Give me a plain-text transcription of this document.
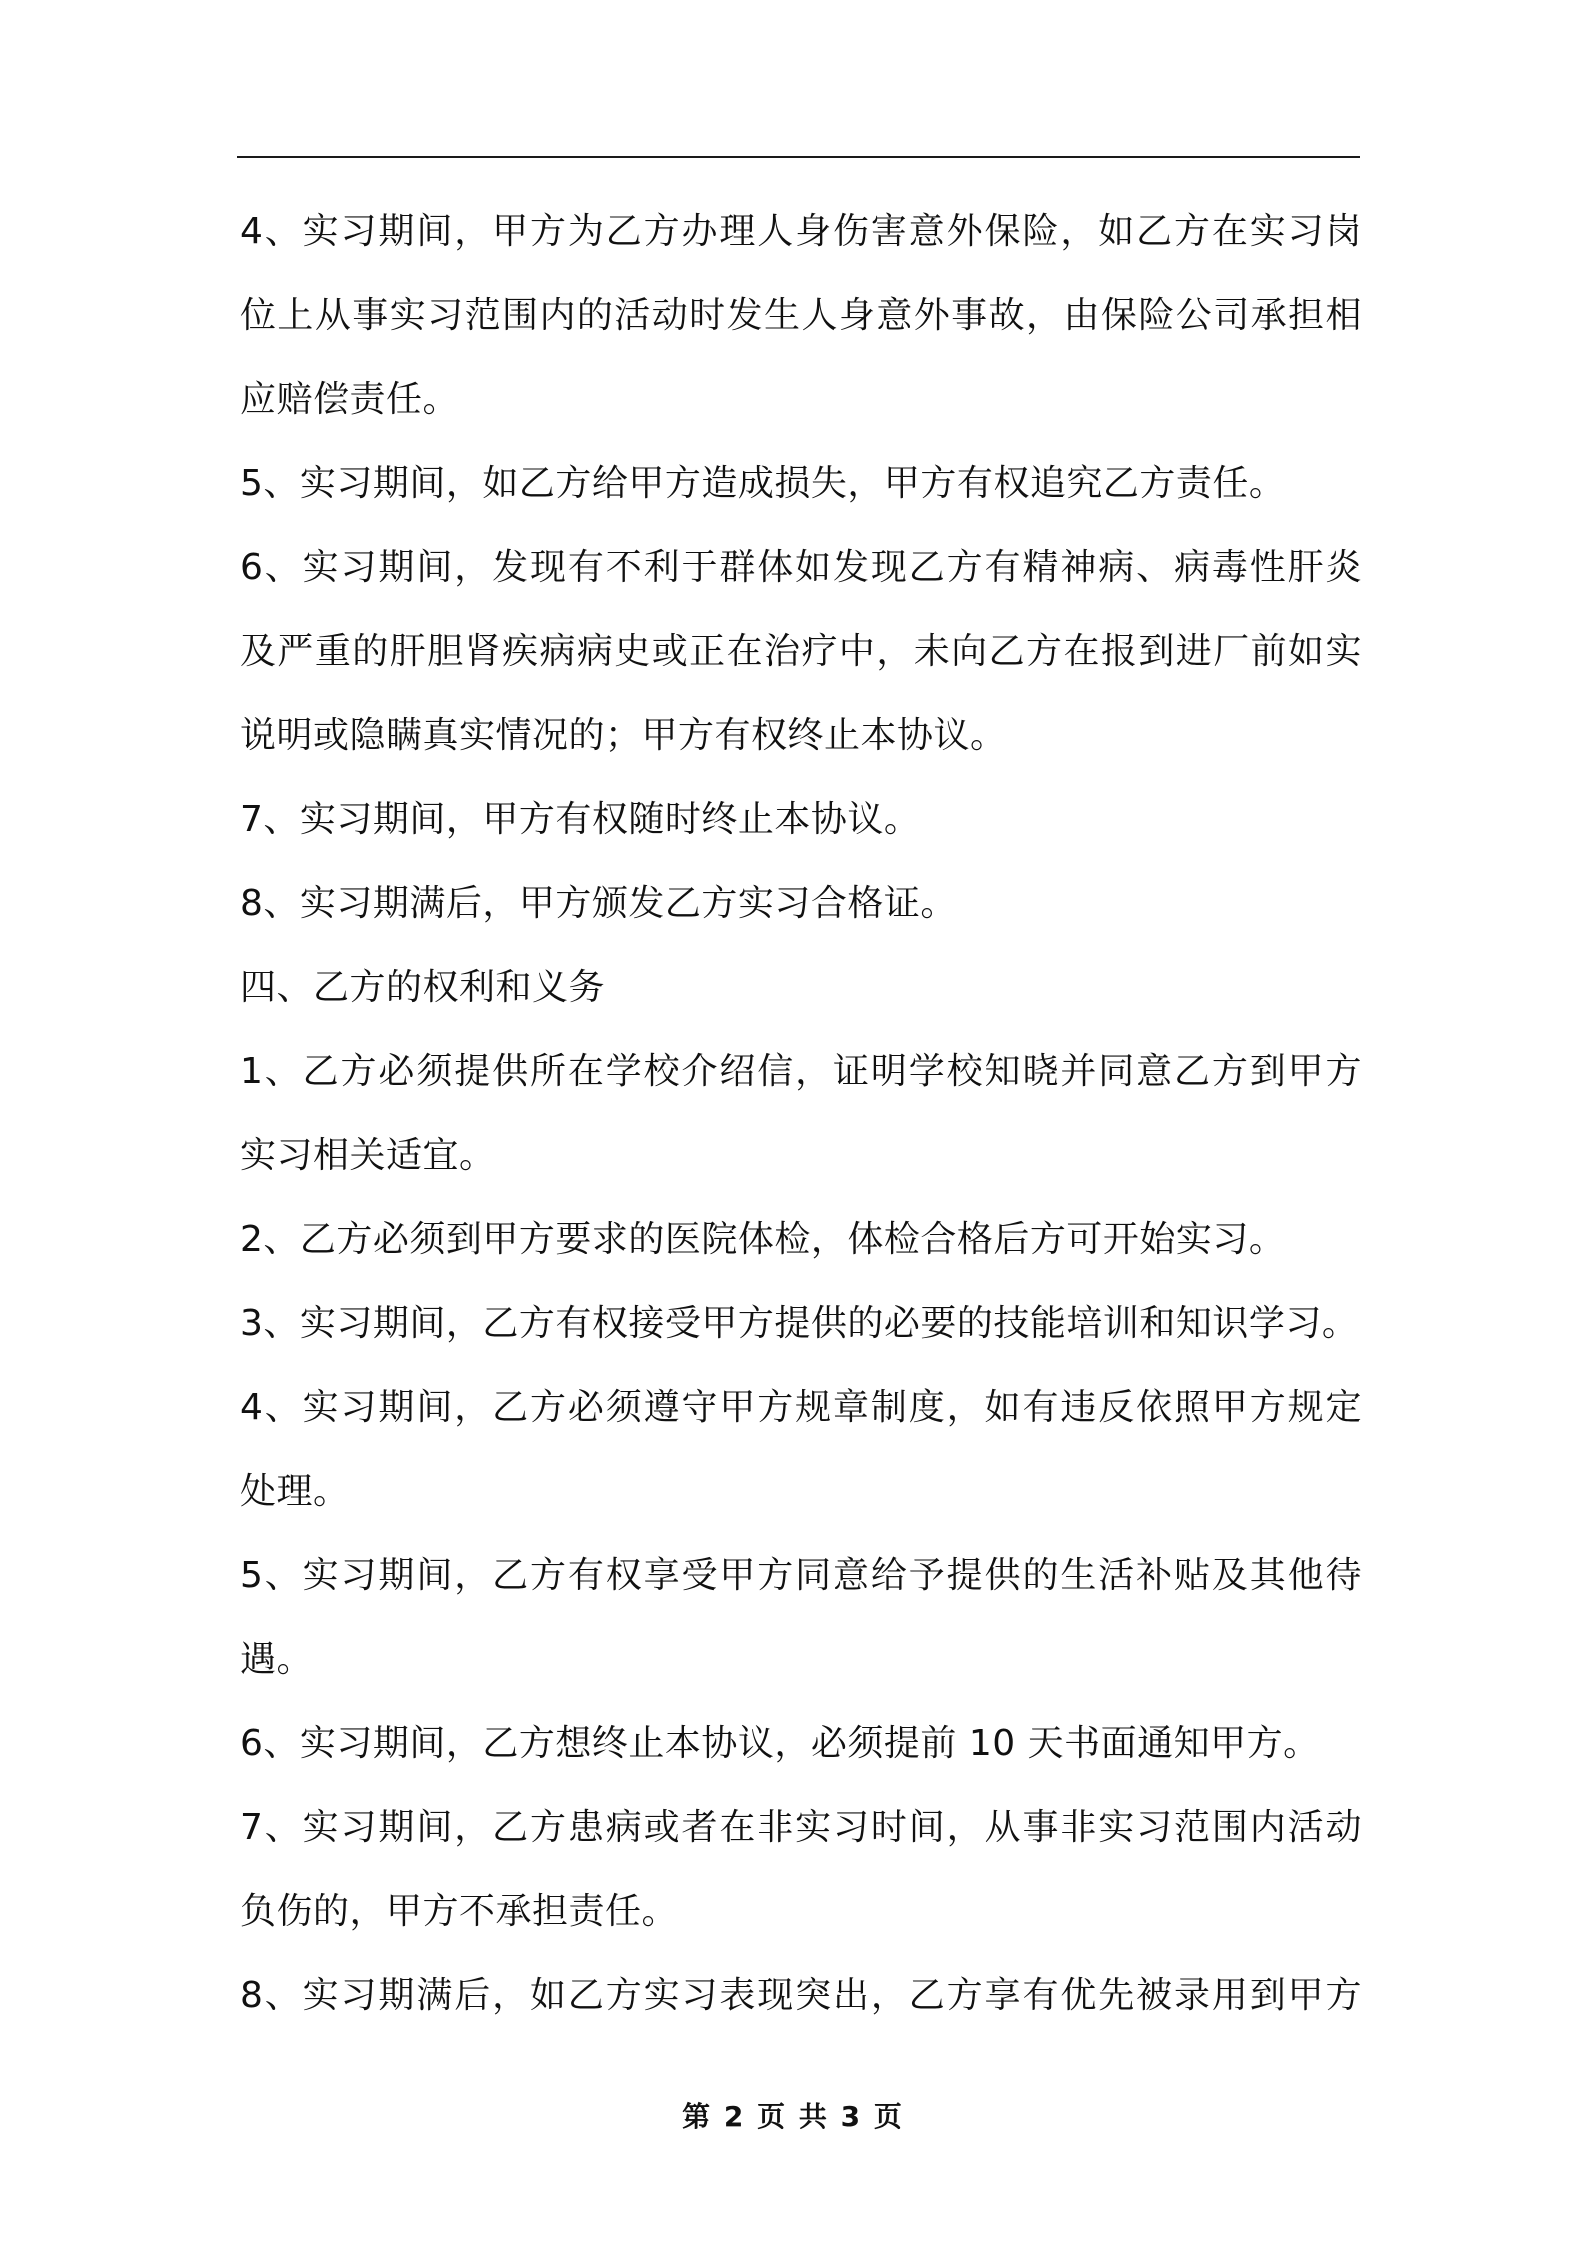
4、实习期间，甲方为乙方办理人身伤害意外保险，如乙方在实习岗

位上从事实习范围内的活动时发生人身意外事故，由保险公司承担相

应赔偿责任。

5、实习期间，如乙方给甲方造成损失，甲方有权追究乙方责任。

6、实习期间，发现有不利于群体如发现乙方有精神病、病毒性肝炎

及严重的肝胆肾疾病病史或正在治疗中，未向乙方在报到进厂前如实

说明或隐瞒真实情况的；甲方有权终止本协议。

7、实习期间，甲方有权随时终止本协议。

8、实习期满后，甲方颁发乙方实习合格证。

四、乙方的权利和义务

1、乙方必须提供所在学校介绍信，证明学校知晓并同意乙方到甲方

实习相关适宜。

2、乙方必须到甲方要求的医院体检，体检合格后方可开始实习。

3、实习期间，乙方有权接受甲方提供的必要的技能培训和知识学习。

4、实习期间，乙方必须遵守甲方规章制度，如有违反依照甲方规定

处理。

5、实习期间，乙方有权享受甲方同意给予提供的生活补贴及其他待

遇。

6、实习期间，乙方想终止本协议，必须提前 10 天书面通知甲方。

7、实习期间，乙方患病或者在非实习时间，从事非实习范围内活动

负伤的，甲方不承担责任。

8、实习期满后，如乙方实习表现突出，乙方享有优先被录用到甲方

第 2 页 共 3 页
